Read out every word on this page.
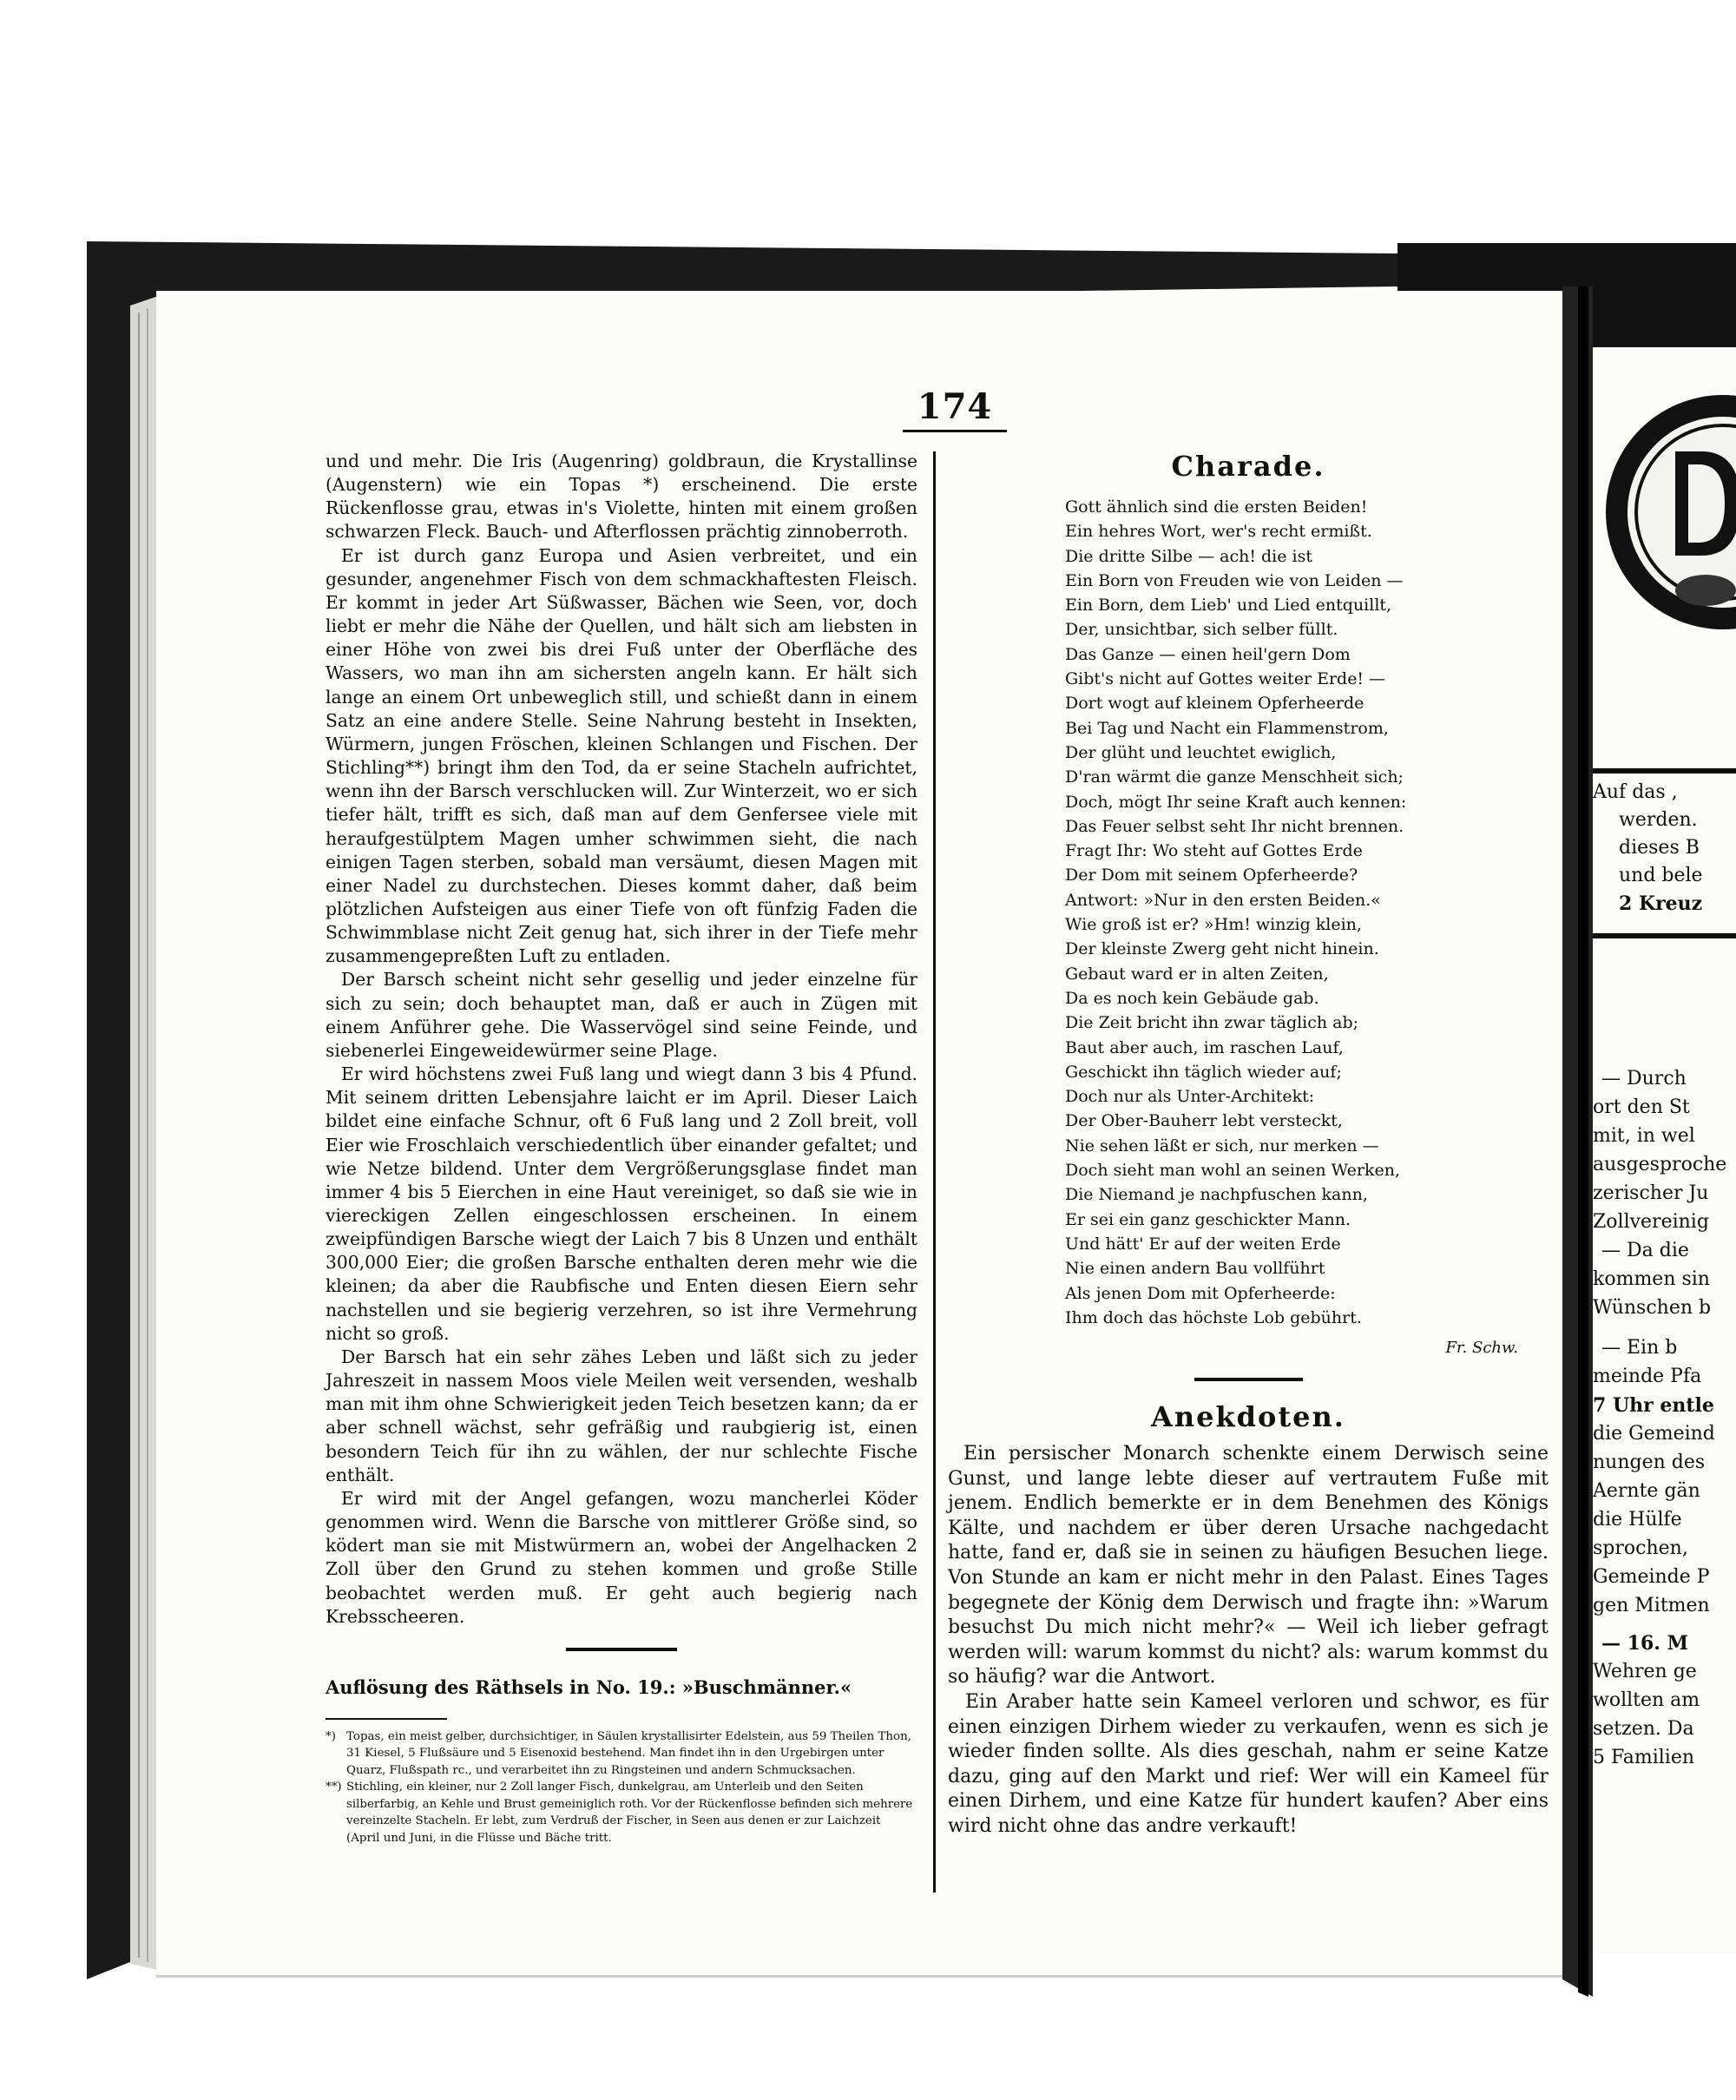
174

und und mehr. Die Iris (Augenring) goldbraun, die Krystallinse (Augenstern) wie ein Topas *) erscheinend. Die erste Rückenflosse grau, etwas in's Violette, hinten mit einem großen schwarzen Fleck. Bauch- und Afterflossen prächtig zinnoberroth.

Er ist durch ganz Europa und Asien verbreitet, und ein gesunder, angenehmer Fisch von dem schmackhaftesten Fleisch. Er kommt in jeder Art Süßwasser, Bächen wie Seen, vor, doch liebt er mehr die Nähe der Quellen, und hält sich am liebsten in einer Höhe von zwei bis drei Fuß unter der Oberfläche des Wassers, wo man ihn am sichersten angeln kann. Er hält sich lange an einem Ort unbeweglich still, und schießt dann in einem Satz an eine andere Stelle. Seine Nahrung besteht in Insekten, Würmern, jungen Fröschen, kleinen Schlangen und Fischen. Der Stichling**) bringt ihm den Tod, da er seine Stacheln aufrichtet, wenn ihn der Barsch verschlucken will. Zur Winterzeit, wo er sich tiefer hält, trifft es sich, daß man auf dem Genfersee viele mit heraufgestülptem Magen umher schwimmen sieht, die nach einigen Tagen sterben, sobald man versäumt, diesen Magen mit einer Nadel zu durchstechen. Dieses kommt daher, daß beim plötzlichen Aufsteigen aus einer Tiefe von oft fünfzig Faden die Schwimmblase nicht Zeit genug hat, sich ihrer in der Tiefe mehr zusammengepreßten Luft zu entladen.

Der Barsch scheint nicht sehr gesellig und jeder einzelne für sich zu sein; doch behauptet man, daß er auch in Zügen mit einem Anführer gehe. Die Wasservögel sind seine Feinde, und siebenerlei Eingeweidewürmer seine Plage.

Er wird höchstens zwei Fuß lang und wiegt dann 3 bis 4 Pfund. Mit seinem dritten Lebensjahre laicht er im April. Dieser Laich bildet eine einfache Schnur, oft 6 Fuß lang und 2 Zoll breit, voll Eier wie Froschlaich verschiedentlich über einander gefaltet; und wie Netze bildend. Unter dem Vergrößerungsglase findet man immer 4 bis 5 Eierchen in eine Haut vereiniget, so daß sie wie in viereckigen Zellen eingeschlossen erscheinen. In einem zweipfündigen Barsche wiegt der Laich 7 bis 8 Unzen und enthält 300,000 Eier; die großen Barsche enthalten deren mehr wie die kleinen; da aber die Raubfische und Enten diesen Eiern sehr nachstellen und sie begierig verzehren, so ist ihre Vermehrung nicht so groß.

Der Barsch hat ein sehr zähes Leben und läßt sich zu jeder Jahreszeit in nassem Moos viele Meilen weit versenden, weshalb man mit ihm ohne Schwierigkeit jeden Teich besetzen kann; da er aber schnell wächst, sehr gefräßig und raubgierig ist, einen besondern Teich für ihn zu wählen, der nur schlechte Fische enthält.

Er wird mit der Angel gefangen, wozu mancherlei Köder genommen wird. Wenn die Barsche von mittlerer Größe sind, so ködert man sie mit Mistwürmern an, wobei der Angelhacken 2 Zoll über den Grund zu stehen kommen und große Stille beobachtet werden muß. Er geht auch begierig nach Krebsscheeren.

Auflösung des Räthsels in No. 19.: »Buschmänner.«

*) Topas, ein meist gelber, durchsichtiger, in Säulen krystallisirter Edelstein, aus 59 Theilen Thon, 31 Kiesel, 5 Flußsäure und 5 Eisenoxid bestehend. Man findet ihn in den Urgebirgen unter Quarz, Flußspath rc., und verarbeitet ihn zu Ringsteinen und andern Schmucksachen.

**) Stichling, ein kleiner, nur 2 Zoll langer Fisch, dunkelgrau, am Unterleib und den Seiten silberfarbig, an Kehle und Brust gemeiniglich roth. Vor der Rückenflosse befinden sich mehrere vereinzelte Stacheln. Er lebt, zum Verdruß der Fischer, in Seen aus denen er zur Laichzeit (April und Juni, in die Flüsse und Bäche tritt.

Charade.
Gott ähnlich sind die ersten Beiden!
Ein hehres Wort, wer's recht ermißt.
Die dritte Silbe — ach! die ist
Ein Born von Freuden wie von Leiden —
Ein Born, dem Lieb' und Lied entquillt,
Der, unsichtbar, sich selber füllt.
Das Ganze — einen heil'gern Dom
Gibt's nicht auf Gottes weiter Erde! —
Dort wogt auf kleinem Opferheerde
Bei Tag und Nacht ein Flammenstrom,
Der glüht und leuchtet ewiglich,
D'ran wärmt die ganze Menschheit sich;
Doch, mögt Ihr seine Kraft auch kennen:
Das Feuer selbst seht Ihr nicht brennen.
Fragt Ihr: Wo steht auf Gottes Erde
Der Dom mit seinem Opferheerde?
Antwort: »Nur in den ersten Beiden.«
Wie groß ist er? »Hm! winzig klein,
Der kleinste Zwerg geht nicht hinein.
Gebaut ward er in alten Zeiten,
Da es noch kein Gebäude gab.
Die Zeit bricht ihn zwar täglich ab;
Baut aber auch, im raschen Lauf,
Geschickt ihn täglich wieder auf;
Doch nur als Unter-Architekt:
Der Ober-Bauherr lebt versteckt,
Nie sehen läßt er sich, nur merken —
Doch sieht man wohl an seinen Werken,
Die Niemand je nachpfuschen kann,
Er sei ein ganz geschickter Mann.
Und hätt' Er auf der weiten Erde
Nie einen andern Bau vollführt
Als jenen Dom mit Opferheerde:
Ihm doch das höchste Lob gebührt.
Fr. Schw.
Anekdoten.

Ein persischer Monarch schenkte einem Derwisch seine Gunst, und lange lebte dieser auf vertrautem Fuße mit jenem. Endlich bemerkte er in dem Benehmen des Königs Kälte, und nachdem er über deren Ursache nachgedacht hatte, fand er, daß sie in seinen zu häufigen Besuchen liege. Von Stunde an kam er nicht mehr in den Palast. Eines Tages begegnete der König dem Derwisch und fragte ihn: »Warum besuchst Du mich nicht mehr?« — Weil ich lieber gefragt werden will: warum kommst du nicht? als: warum kommst du so häufig? war die Antwort.

Ein Araber hatte sein Kameel verloren und schwor, es für einen einzigen Dirhem wieder zu verkaufen, wenn es sich je wieder finden sollte. Als dies geschah, nahm er seine Katze dazu, ging auf den Markt und rief: Wer will ein Kameel für einen Dirhem, und eine Katze für hundert kaufen? Aber eins wird nicht ohne das andre verkauft!

Auf das ,
werden.
dieses B
und bele
2 Kreuz
— Durch
ort den St
mit, in wel
ausgesproche
zerischer Ju
Zollvereinig
— Da die
kommen sin
Wünschen b
— Ein b
meinde Pfa
7 Uhr entle
die Gemeind
nungen des
Aernte gän
die Hülfe
sprochen,
Gemeinde P
gen Mitmen
— 16. M
Wehren ge
wollten am
setzen. Da
5 Familien
